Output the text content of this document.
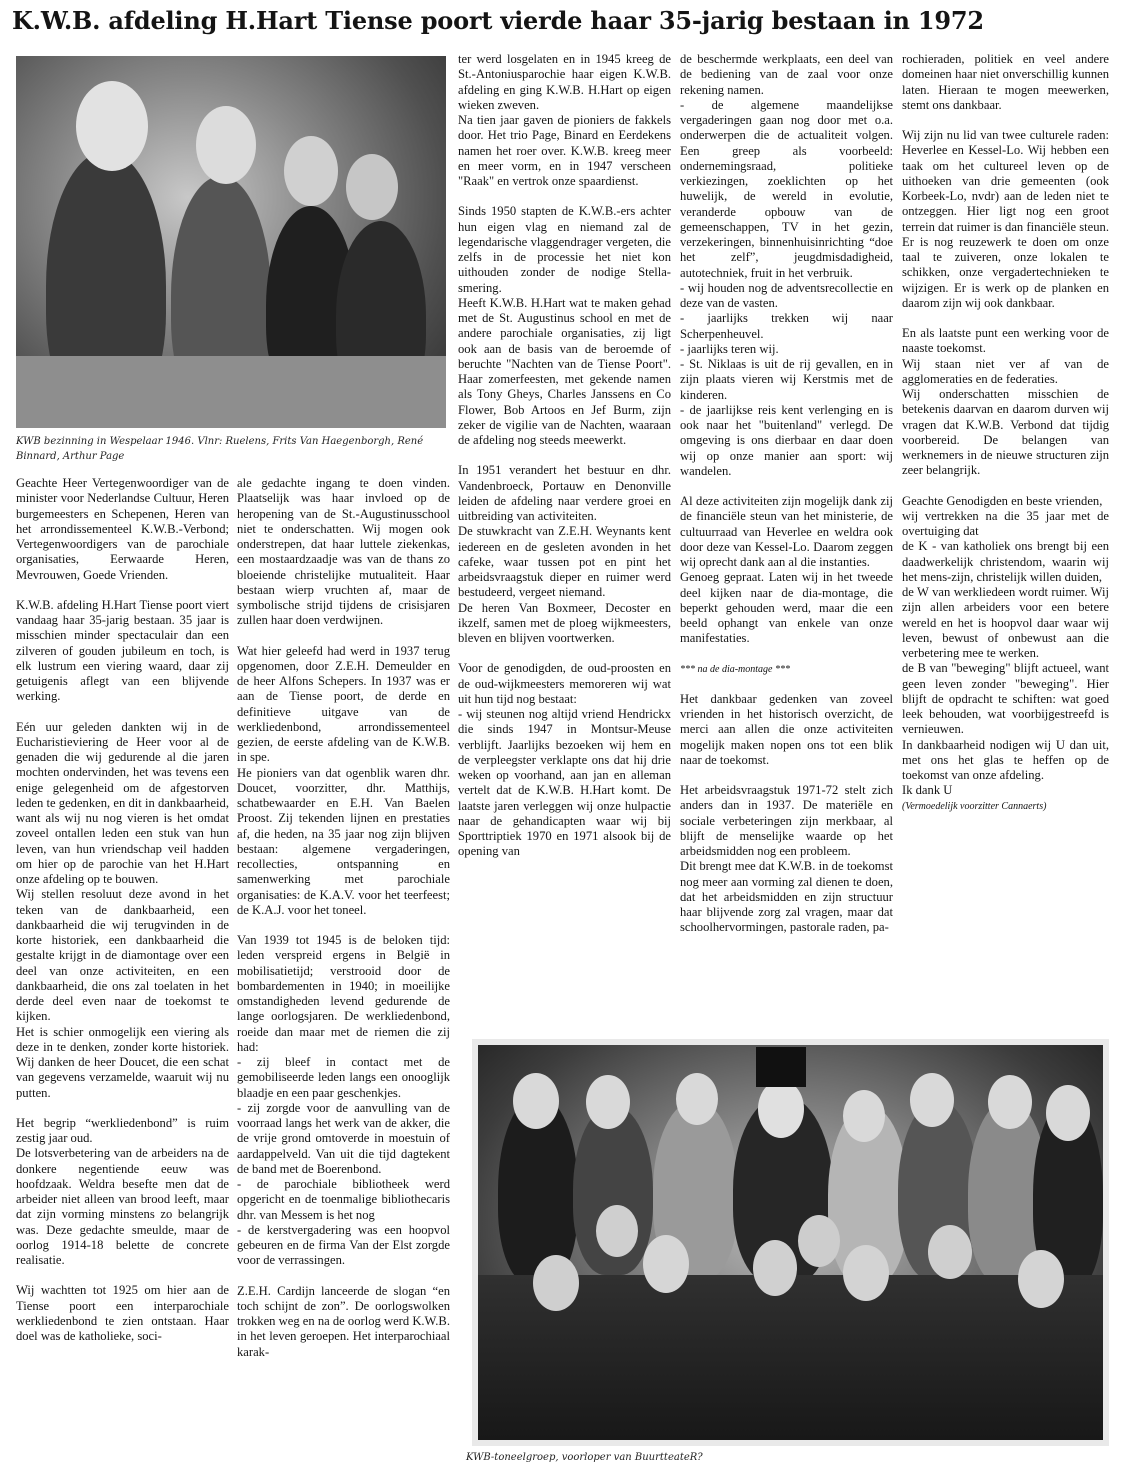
K.W.B. afdeling H.Hart Tiense poort vierde haar 35-jarig bestaan in 1972

KWB bezinning in Wespelaar 1946. Vlnr: Ruelens, Frits Van Haegenborgh, René Binnard, Arthur Page

Geachte Heer Vertegenwoordiger van de minister voor Nederlandse Cultuur, Heren burgemeesters en Schepenen, Heren van het arrondissementeel K.W.B.-Verbond; Vertegenwoordigers van de parochiale organisaties, Eerwaarde Heren, Mevrouwen, Goede Vrienden.

K.W.B. afdeling H.Hart Tiense poort viert vandaag haar 35-jarig bestaan. 35 jaar is misschien minder spectaculair dan een zilveren of gouden jubileum en toch, is elk lustrum een viering waard, daar zij getuigenis aflegt van een blijvende werking.

Eén uur geleden dankten wij in de Eucharistieviering de Heer voor al de genaden die wij gedurende al die jaren mochten ondervinden, het was tevens een enige gelegenheid om de afgestorven leden te gedenken, en dit in dankbaarheid, want als wij nu nog vieren is het omdat zoveel ontallen leden een stuk van hun leven, van hun vriendschap veil hadden om hier op de parochie van het H.Hart onze afdeling op te bouwen.

Wij stellen resoluut deze avond in het teken van de dankbaarheid, een dankbaarheid die wij terugvinden in de korte historiek, een dankbaarheid die gestalte krijgt in de diamontage over een deel van onze activiteiten, en een dankbaarheid, die ons zal toelaten in het derde deel even naar de toekomst te kijken.

Het is schier onmogelijk een viering als deze in te denken, zonder korte historiek. Wij danken de heer Doucet, die een schat van gegevens verzamelde, waaruit wij nu putten.

Het begrip “werkliedenbond” is ruim zestig jaar oud.

De lotsverbetering van de arbeiders na de donkere negentiende eeuw was hoofdzaak. Weldra besefte men dat de arbeider niet alleen van brood leeft, maar dat zijn vorming minstens zo belangrijk was. Deze gedachte smeulde, maar de oorlog 1914-18 belette de concrete realisatie.

Wij wachtten tot 1925 om hier aan de Tiense poort een interparochiale werkliedenbond te zien ontstaan. Haar doel was de katholieke, soci-

ale gedachte ingang te doen vinden. Plaatselijk was haar invloed op de heropening van de St.-Augustinusschool niet te onderschatten. Wij mogen ook onderstrepen, dat haar luttele ziekenkas, een mostaardzaadje was van de thans zo bloeiende christelijke mutualiteit. Haar bestaan wierp vruchten af, maar de symbolische strijd tijdens de crisisjaren zullen haar doen verdwijnen.

Wat hier geleefd had werd in 1937 terug opgenomen, door Z.E.H. Demeulder en de heer Alfons Schepers. In 1937 was er aan de Tiense poort, de derde en definitieve uitgave van de werkliedenbond, arrondissementeel gezien, de eerste afdeling van de K.W.B. in spe.

He pioniers van dat ogenblik waren dhr. Doucet, voorzitter, dhr. Matthijs, schatbewaarder en E.H. Van Baelen Proost. Zij tekenden lijnen en prestaties af, die heden, na 35 jaar nog zijn blijven bestaan: algemene vergaderingen, recollecties, ontspanning en samenwerking met parochiale organisaties: de K.A.V. voor het teerfeest; de K.A.J. voor het toneel.

Van 1939 tot 1945 is de beloken tijd: leden verspreid ergens in België in mobilisatietijd; verstrooid door de bombardementen in 1940; in moeilijke omstandigheden levend gedurende de lange oorlogsjaren. De werkliedenbond, roeide dan maar met de riemen die zij had:

- zij bleef in contact met de gemobiliseerde leden langs een onooglijk blaadje en een paar geschenkjes.

- zij zorgde voor de aanvulling van de voorraad langs het werk van de akker, die de vrije grond omtoverde in moestuin of aardappelveld. Van uit die tijd dagtekent de band met de Boerenbond.

- de parochiale bibliotheek werd opgericht en de toenmalige bibliothecaris dhr. van Messem is het nog

- de kerstvergadering was een hoopvol gebeuren en de firma Van der Elst zorgde voor de verrassingen.

Z.E.H. Cardijn lanceerde de slogan “en toch schijnt de zon”. De oorlogswolken trokken weg en na de oorlog werd K.W.B. in het leven geroepen. Het interparochiaal karak-

ter werd losgelaten en in 1945 kreeg de St.-Antoniusparochie haar eigen K.W.B. afdeling en ging K.W.B. H.Hart op eigen wieken zweven.

Na tien jaar gaven de pioniers de fakkels door. Het trio Page, Binard en Eerdekens namen het roer over. K.W.B. kreeg meer en meer vorm, en in 1947 verscheen "Raak" en vertrok onze spaardienst.

Sinds 1950 stapten de K.W.B.-ers achter hun eigen vlag en niemand zal de legendarische vlaggendrager vergeten, die zelfs in de processie het niet kon uithouden zonder de nodige Stella-smering.

Heeft K.W.B. H.Hart wat te maken gehad met de St. Augustinus school en met de andere parochiale organisaties, zij ligt ook aan de basis van de beroemde of beruchte "Nachten van de Tiense Poort". Haar zomerfeesten, met gekende namen als Tony Gheys, Charles Janssens en Co Flower, Bob Artoos en Jef Burm, zijn zeker de vigilie van de Nachten, waaraan de afdeling nog steeds meewerkt.

In 1951 verandert het bestuur en dhr. Vandenbroeck, Portauw en Denonville leiden de afdeling naar verdere groei en uitbreiding van activiteiten.

De stuwkracht van Z.E.H. Weynants kent iedereen en de gesleten avonden in het cafeke, waar tussen pot en pint het arbeidsvraagstuk dieper en ruimer werd bestudeerd, vergeet niemand.

De heren Van Boxmeer, Decoster en ikzelf, samen met de ploeg wijkmeesters, bleven en blijven voortwerken.

Voor de genodigden, de oud-proosten en de oud-wijkmeesters memoreren wij wat uit hun tijd nog bestaat:

- wij steunen nog altijd vriend Hendrickx die sinds 1947 in Montsur-Meuse verblijft. Jaarlijks bezoeken wij hem en de verpleegster verklapte ons dat hij drie weken op voorhand, aan jan en alleman vertelt dat de K.W.B. H.Hart komt. De laatste jaren verleggen wij onze hulpactie naar de gehandicapten waar wij bij Sporttriptiek 1970 en 1971 alsook bij de opening van

de beschermde werkplaats, een deel van de bediening van de zaal voor onze rekening namen.

- de algemene maandelijkse vergaderingen gaan nog door met o.a. onderwerpen die de actualiteit volgen. Een greep als voorbeeld: ondernemingsraad, politieke verkiezingen, zoeklichten op het huwelijk, de wereld in evolutie, veranderde opbouw van de gemeenschappen, TV in het gezin, verzekeringen, binnenhuisinrichting “doe het zelf”, jeugdmisdadigheid, autotechniek, fruit in het verbruik.

- wij houden nog de adventsrecollectie en deze van de vasten.

- jaarlijks trekken wij naar Scherpenheuvel.

- jaarlijks teren wij.

- St. Niklaas is uit de rij gevallen, en in zijn plaats vieren wij Kerstmis met de kinderen.

- de jaarlijkse reis kent verlenging en is ook naar het "buitenland" verlegd. De omgeving is ons dierbaar en daar doen wij op onze manier aan sport: wij wandelen.

Al deze activiteiten zijn mogelijk dank zij de financiële steun van het ministerie, de cultuurraad van Heverlee en weldra ook door deze van Kessel-Lo. Daarom zeggen wij oprecht dank aan al die instanties.

Genoeg gepraat. Laten wij in het tweede deel kijken naar de dia-montage, die beperkt gehouden werd, maar die een beeld ophangt van enkele van onze manifestaties.

*** na de dia-montage ***

Het dankbaar gedenken van zoveel vrienden in het historisch overzicht, de merci aan allen die onze activiteiten mogelijk maken nopen ons tot een blik naar de toekomst.

Het arbeidsvraagstuk 1971-72 stelt zich anders dan in 1937. De materiële en sociale verbeteringen zijn merkbaar, al blijft de menselijke waarde op het arbeidsmidden nog een probleem.

Dit brengt mee dat K.W.B. in de toekomst nog meer aan vorming zal dienen te doen, dat het arbeidsmidden en zijn structuur haar blijvende zorg zal vragen, maar dat schoolhervormingen, pastorale raden, pa-

rochieraden, politiek en veel andere domeinen haar niet onverschillig kunnen laten. Hieraan te mogen meewerken, stemt ons dankbaar.

Wij zijn nu lid van twee culturele raden: Heverlee en Kessel-Lo. Wij hebben een taak om het cultureel leven op de uithoeken van drie gemeenten (ook Korbeek-Lo, nvdr) aan de leden niet te ontzeggen. Hier ligt nog een groot terrein dat ruimer is dan financiële steun. Er is nog reuzewerk te doen om onze taal te zuiveren, onze lokalen te schikken, onze vergadertechnieken te wijzigen. Er is werk op de planken en daarom zijn wij ook dankbaar.

En als laatste punt een werking voor de naaste toekomst.

Wij staan niet ver af van de agglomeraties en de federaties.

Wij onderschatten misschien de betekenis daarvan en daarom durven wij vragen dat K.W.B. Verbond dat tijdig voorbereid. De belangen van werknemers in de nieuwe structuren zijn zeer belangrijk.

Geachte Genodigden en beste vrienden,

wij vertrekken na die 35 jaar met de overtuiging dat

de K - van katholiek ons brengt bij een daadwerkelijk christendom, waarin wij het mens-zijn, christelijk willen duiden,

de W van werkliedeen wordt ruimer. Wij zijn allen arbeiders voor een betere wereld en het is hoopvol daar waar wij leven, bewust of onbewust aan die verbetering mee te werken.

de B van "beweging" blijft actueel, want geen leven zonder "beweging". Hier blijft de opdracht te schiften: wat goed leek behouden, wat voorbijgestreefd is vernieuwen.

In dankbaarheid nodigen wij U dan uit, met ons het glas te heffen op de toekomst van onze afdeling.

Ik dank U

(Vermoedelijk voorzitter Cannaerts)

KWB-toneelgroep, voorloper van BuurtteateR?
